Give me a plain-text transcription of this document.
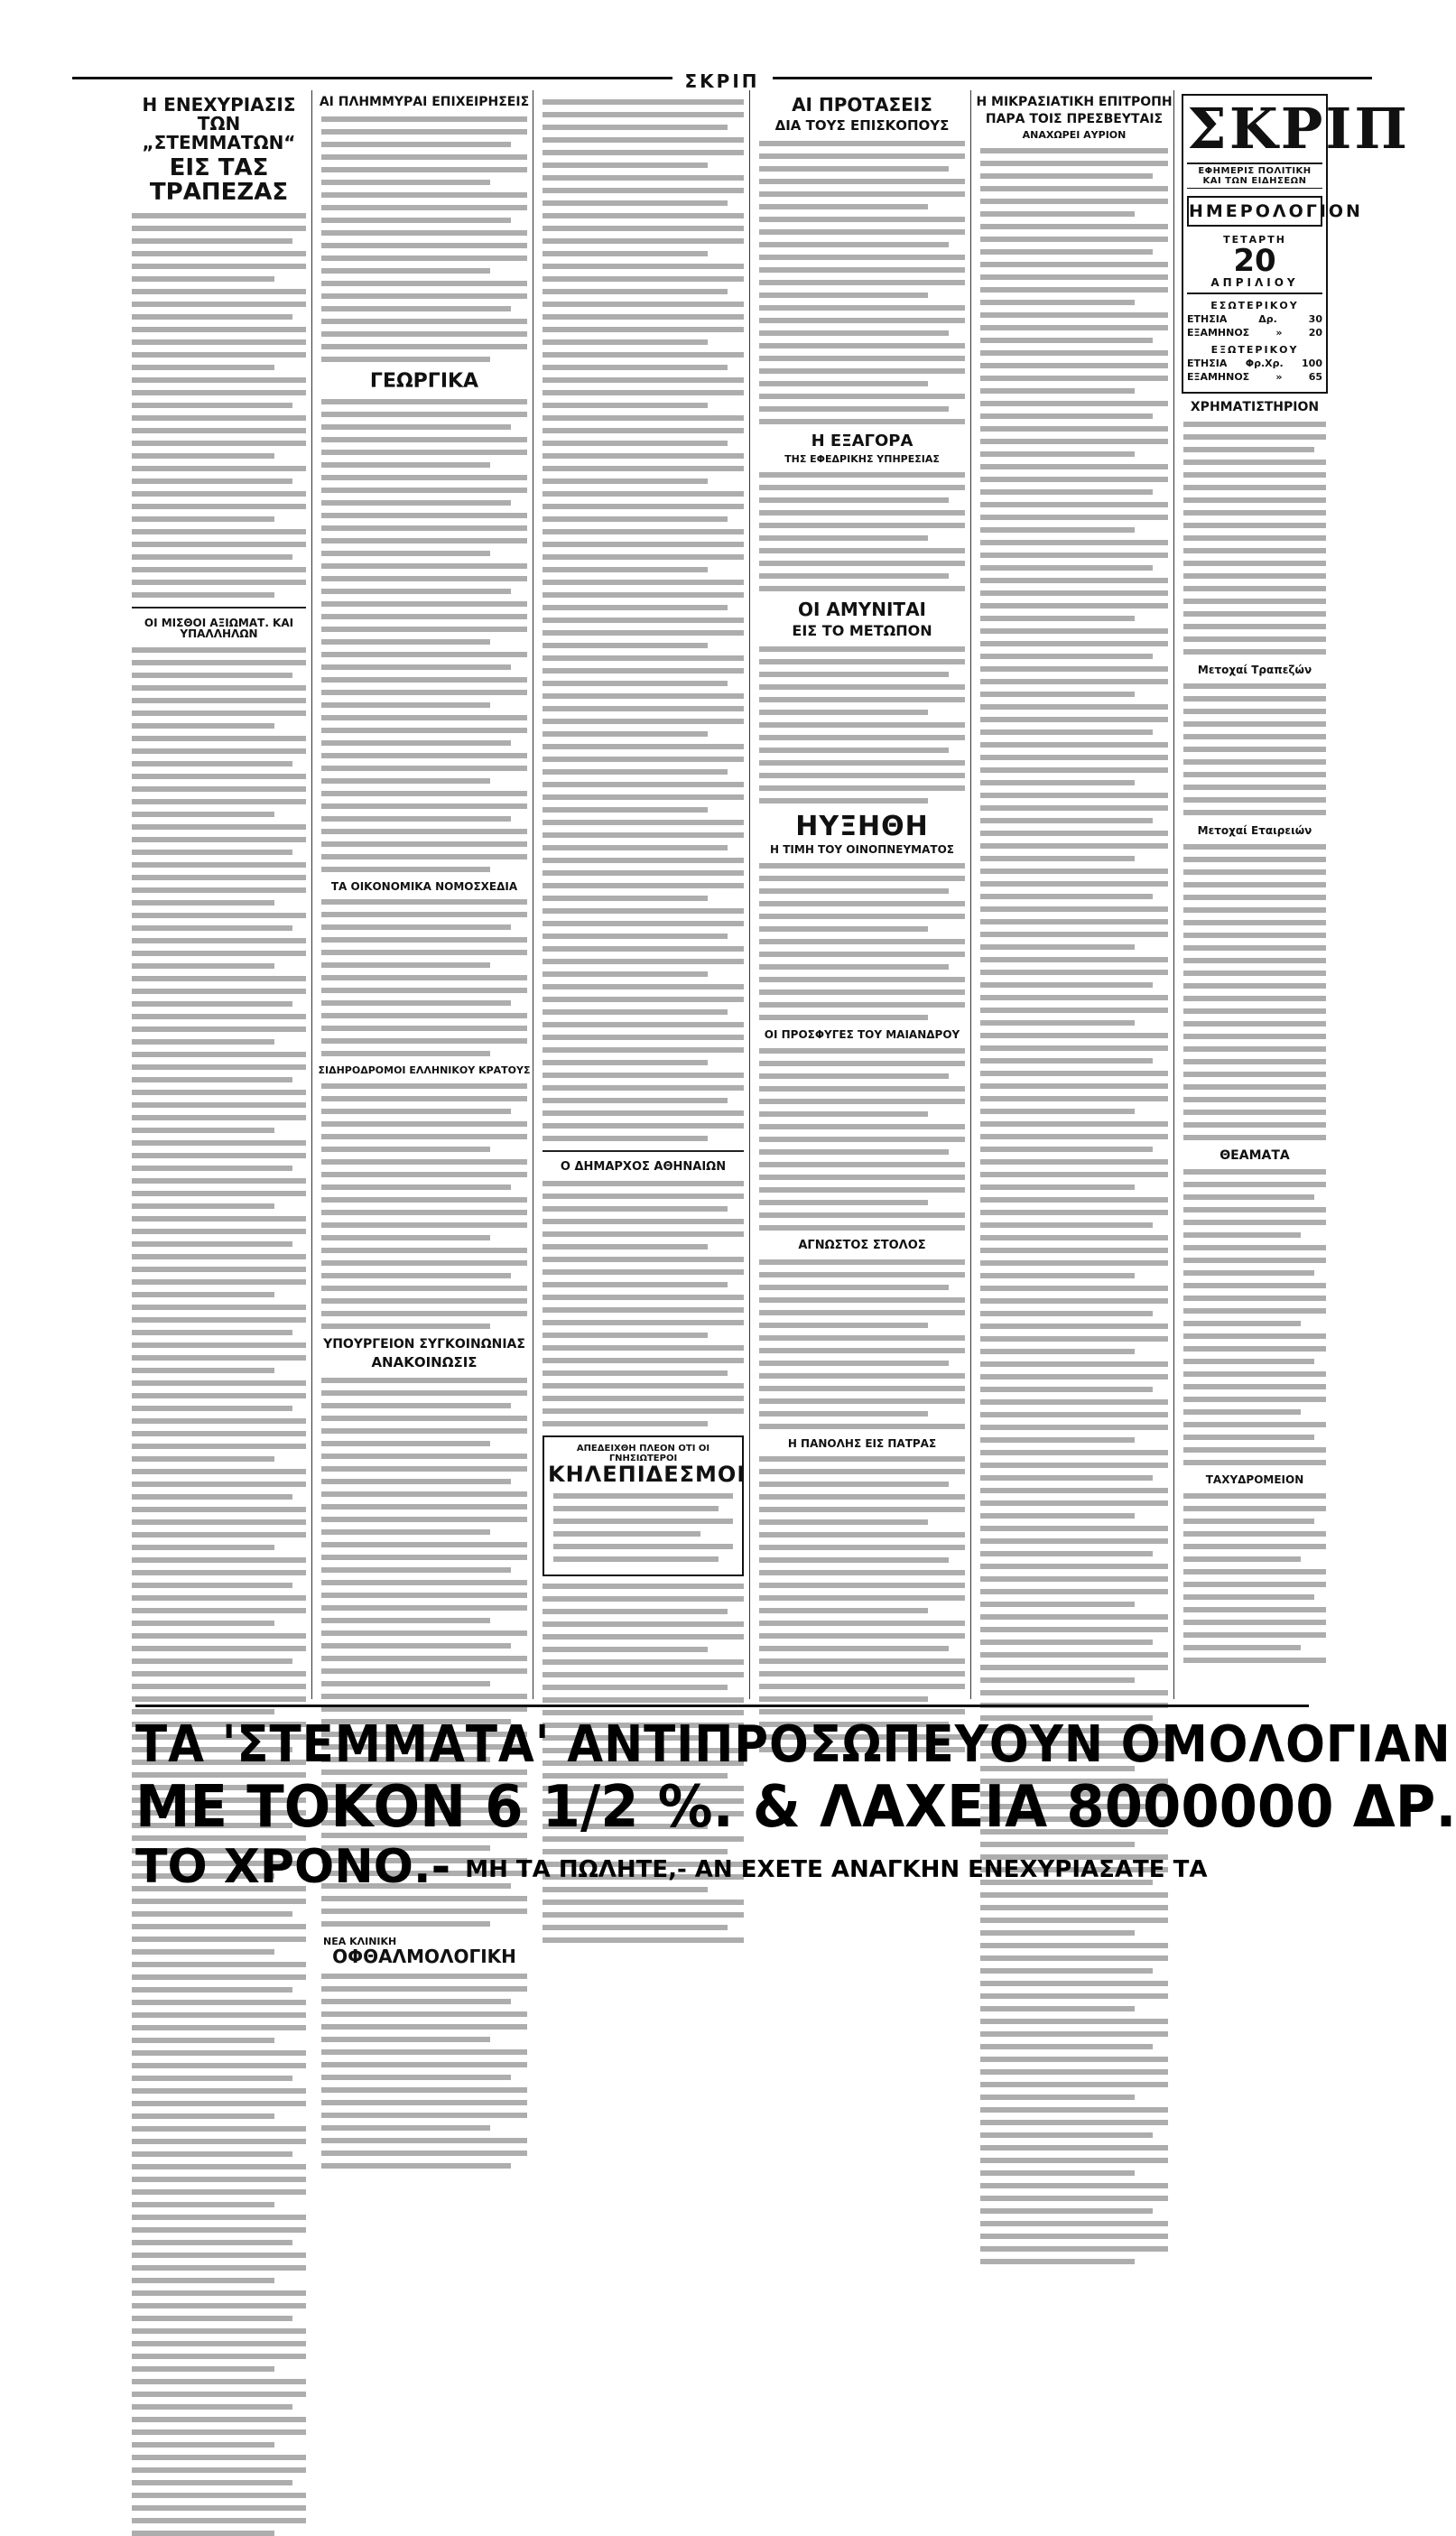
ΣΚΡΙΠ
Η ΕΝΕΧΥΡΙΑΣΙΣ ΤΩΝ „ΣΤΕΜΜΑΤΩΝ“
ΕΙΣ ΤΑΣ ΤΡΑΠΕΖΑΣ
ΟΙ ΜΙΣΘΟΙ ΑΞΙΩΜΑΤ. ΚΑΙ ΥΠΑΛΛΗΛΩΝ
ΑΙ ΠΛΗΜΜΥΡΑΙ ΕΠΙΧΕΙΡΗΣΕΙΣ
ΓΕΩΡΓΙΚΑ
ΤΑ ΟΙΚΟΝΟΜΙΚΑ ΝΟΜΟΣΧΕΔΙΑ
ΣΙΔΗΡΟΔΡΟΜΟΙ ΕΛΛΗΝΙΚΟΥ ΚΡΑΤΟΥΣ
ΥΠΟΥΡΓΕΙΟΝ ΣΥΓΚΟΙΝΩΝΙΑΣ
ΑΝΑΚΟΙΝΩΣΙΣ
ΝΕΑ ΚΛΙΝΙΚΗ
ΟΦΘΑΛΜΟΛΟΓΙΚΗ
Ο ΔΗΜΑΡΧΟΣ ΑΘΗΝΑΙΩΝ
ΑΠΕΔΕΙΧΘΗ ΠΛΕΟΝ ΟΤΙ ΟΙ ΓΝΗΣΙΩΤΕΡΟΙ
ΚΗΛΕΠΙΔΕΣΜΟΙ
ΑΙ ΠΡΟΤΑΣΕΙΣ
ΔΙΑ ΤΟΥΣ ΕΠΙΣΚΟΠΟΥΣ
Η ΕΞΑΓΟΡΑ
ΤΗΣ ΕΦΕΔΡΙΚΗΣ ΥΠΗΡΕΣΙΑΣ
ΟΙ ΑΜΥΝΙΤΑΙ
ΕΙΣ ΤΟ ΜΕΤΩΠΟΝ
ΗΥΞΗΘΗ
Η ΤΙΜΗ ΤΟΥ ΟΙΝΟΠΝΕΥΜΑΤΟΣ
ΟΙ ΠΡΟΣΦΥΓΕΣ ΤΟΥ ΜΑΙΑΝΔΡΟΥ
ΑΓΝΩΣΤΟΣ ΣΤΟΛΟΣ
Η ΠΑΝΟΛΗΣ ΕΙΣ ΠΑΤΡΑΣ
Η ΜΙΚΡΑΣΙΑΤΙΚΗ ΕΠΙΤΡΟΠΗ
ΠΑΡΑ ΤΟΙΣ ΠΡΕΣΒΕΥΤΑΙΣ
ΑΝΑΧΩΡΕΙ ΑΥΡΙΟΝ	ΣΚΡΙΠ
ΕΦΗΜΕΡΙΣ ΠΟΛΙΤΙΚΗ ΚΑΙ ΤΩΝ ΕΙΔΗΣΕΩΝ
ΗΜΕΡΟΛΟΓΙΟΝ
ΤΕΤΑΡΤΗ
20
ΑΠΡΙΛΙΟΥ
ΕΣΩΤΕΡΙΚΟΥ
ΕΤΗΣΙΑ	Δρ.	30
ΕΞΑΜΗΝΟΣ	»	20
ΕΞΩΤΕΡΙΚΟΥ
ΕΤΗΣΙΑ Φρ.Χρ. 100
ΕΞΑΜΗΝΟΣ	»	65
ΧΡΗΜΑΤΙΣΤΗΡΙΟΝ
Μετοχαί Τραπεζών
Μετοχαί Εταιρειών
ΘΕΑΜΑΤΑ
ΤΑΧΥΔΡΟΜΕΙΟΝ
ΤΑ 'ΣΤΕΜΜΑΤΑ' ΑΝΤΙΠΡΟΣΩΠΕΥΟΥΝ ΟΜΟΛΟΓΙΑΝ
ΜΕ ΤΟΚΟΝ 6 1/2 %. & ΛΑΧΕΙΑ 8000000 ΔΡ.
ΤΟ ΧΡΟΝΟ.- ΜΗ ΤΑ ΠΩΛΗΤΕ,- ΑΝ ΕΧΕΤΕ ΑΝΑΓΚΗΝ ΕΝΕΧΥΡΙΑΣΑΤΕ ΤΑ
